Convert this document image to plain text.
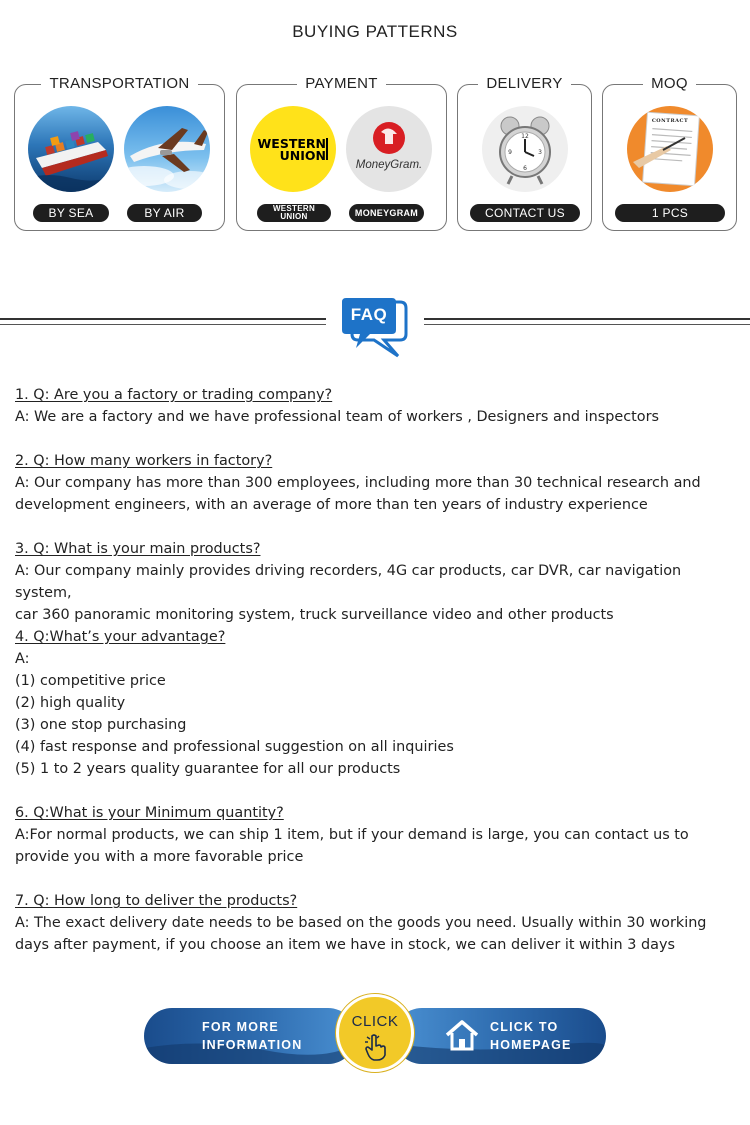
BUYING PATTERNS
TRANSPORTATION
BY SEA	BY AIR
PAYMENT
WESTERN
UNION
MoneyGram.
WESTERN UNION	MONEYGRAM
DELIVERY
12
3
6
9
CONTACT US
MOQ
CONTRACT
1 PCS
FAQ
1. Q: Are you a factory or trading company?
A: We are a factory and we have professional team of workers , Designers and inspectors
2. Q: How many workers in factory?
A: Our company has more than 300 employees, including more than 30 technical research and
development engineers, with an average of more than ten years of industry experience
3. Q: What is your main products?
A: Our company mainly provides driving recorders, 4G car products, car DVR, car navigation system,
car 360 panoramic monitoring system, truck surveillance video and other products
4. Q:What’s your advantage?
A:
(1) competitive price
(2) high quality
(3) one stop purchasing
(4) fast response and professional suggestion on all inquiries
(5) 1 to 2 years quality guarantee for all our products
6. Q:What is your Minimum quantity?
A:For normal products, we can ship 1 item, but if your demand is large, you can contact us to
provide you with a more favorable price
7. Q: How long to deliver the products?
A: The exact delivery date needs to be based on the goods you need. Usually within 30 working
days after payment, if you choose an item we have in stock, we can deliver it within 3 days
FOR MORE
INFORMATION
CLICK TO
HOMEPAGE
CLICK
